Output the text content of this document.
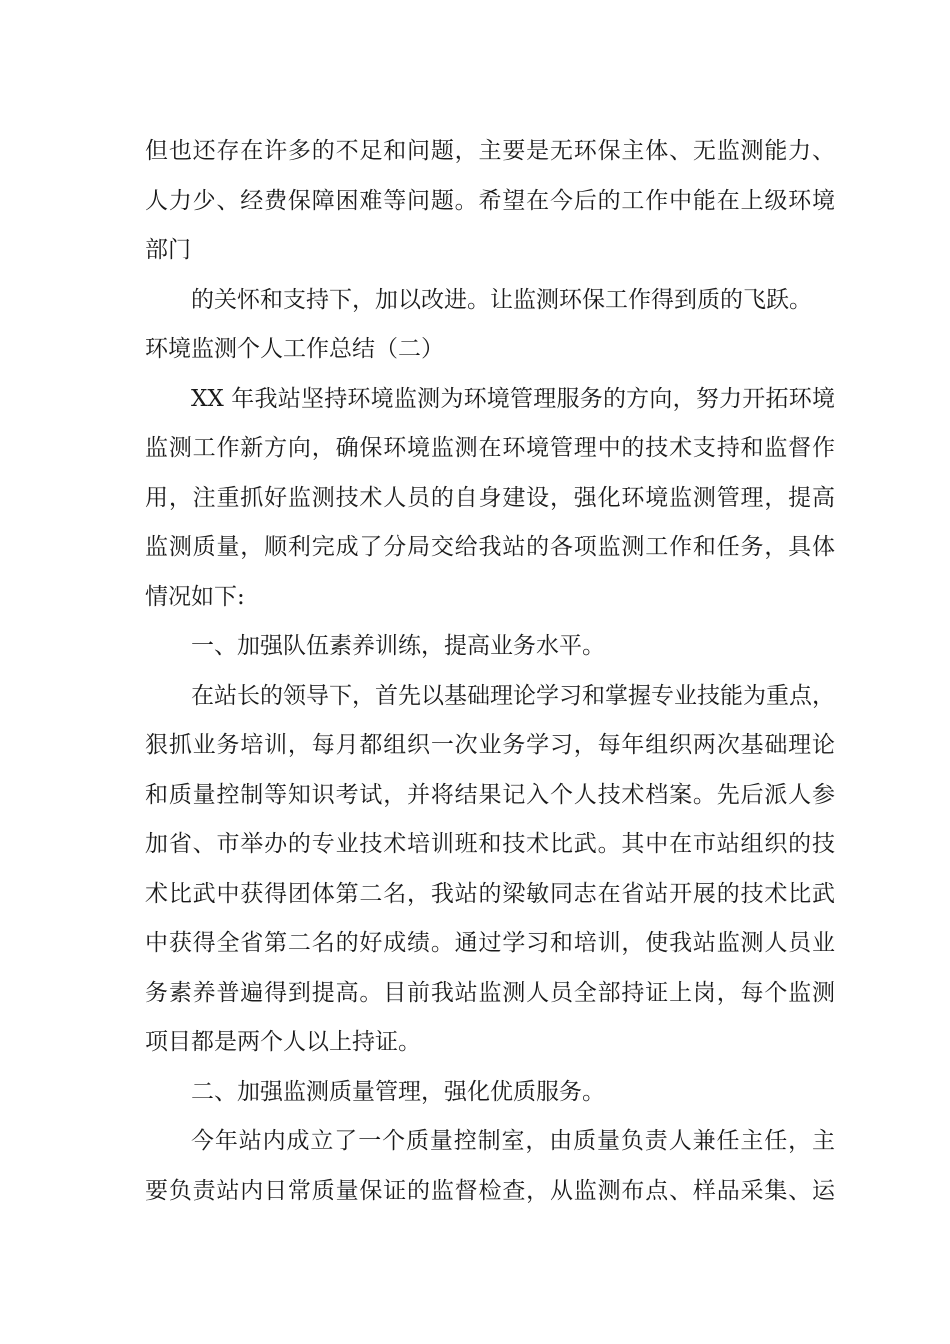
但也还存在许多的不足和问题，主要是无环保主体、无监测能力、
人力少、经费保障困难等问题。希望在今后的工作中能在上级环境
部门
的关怀和支持下，加以改进。让监测环保工作得到质的飞跃。
环境监测个人工作总结（二）
XX 年我站坚持环境监测为环境管理服务的方向，努力开拓环境
监测工作新方向，确保环境监测在环境管理中的技术支持和监督作
用，注重抓好监测技术人员的自身建设，强化环境监测管理，提高
监测质量，顺利完成了分局交给我站的各项监测工作和任务，具体
情况如下:
一、加强队伍素养训练，提高业务水平。
在站长的领导下，首先以基础理论学习和掌握专业技能为重点，
狠抓业务培训，每月都组织一次业务学习，每年组织两次基础理论
和质量控制等知识考试，并将结果记入个人技术档案。先后派人参
加省、市举办的专业技术培训班和技术比武。其中在市站组织的技
术比武中获得团体第二名，我站的梁敏同志在省站开展的技术比武
中获得全省第二名的好成绩。通过学习和培训，使我站监测人员业
务素养普遍得到提高。目前我站监测人员全部持证上岗，每个监测
项目都是两个人以上持证。
二、加强监测质量管理，强化优质服务。
今年站内成立了一个质量控制室，由质量负责人兼任主任，主
要负责站内日常质量保证的监督检查，从监测布点、样品采集、运
